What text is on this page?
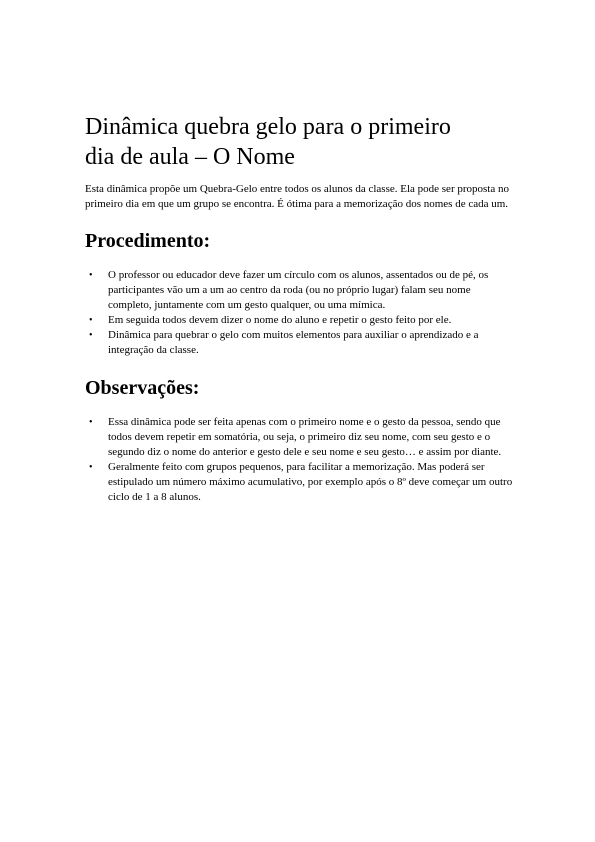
Dinâmica quebra gelo para o primeiro
dia de aula – O Nome

Esta dinâmica propõe um Quebra-Gelo entre todos os alunos da classe. Ela pode ser proposta no primeiro dia em que um grupo se encontra. É ótima para a memorização dos nomes de cada um.

Procedimento:
• O professor ou educador deve fazer um círculo com os alunos, assentados ou de pé, os participantes vão um a um ao centro da roda (ou no próprio lugar) falam seu nome completo, juntamente com um gesto qualquer, ou uma mímica.
• Em seguida todos devem dizer o nome do aluno e repetir o gesto feito por ele.
• Dinâmica para quebrar o gelo com muitos elementos para auxiliar o aprendizado e a integração da classe.
Observações:
• Essa dinâmica pode ser feita apenas com o primeiro nome e o gesto da pessoa, sendo que todos devem repetir em somatória, ou seja, o primeiro diz seu nome, com seu gesto e o segundo diz o nome do anterior e gesto dele e seu nome e seu gesto… e assim por diante.
• Geralmente feito com grupos pequenos, para facilitar a memorização. Mas poderá ser estipulado um número máximo acumulativo, por exemplo após o 8º deve começar um outro ciclo de 1 a 8 alunos.
